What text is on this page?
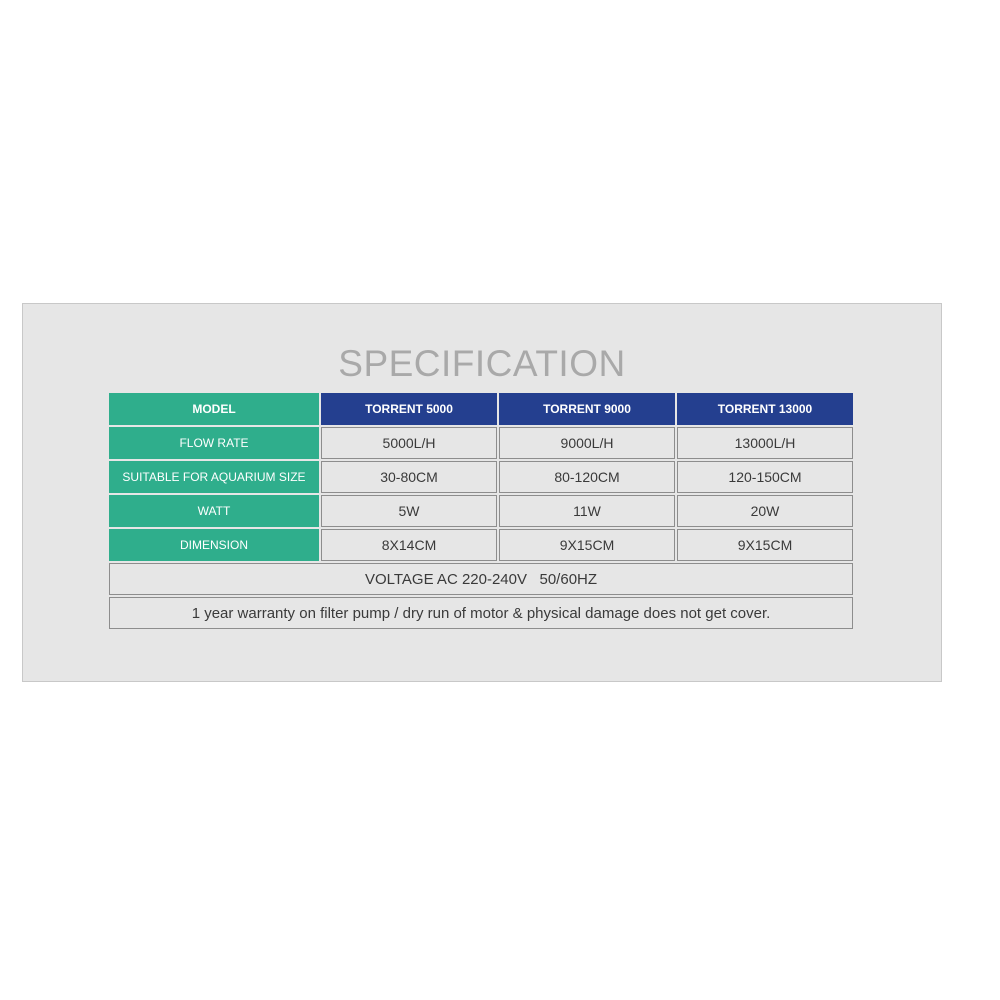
SPECIFICATION
MODEL	TORRENT 5000	TORRENT 9000	TORRENT 13000
FLOW RATE	5000L/H	9000L/H	13000L/H
SUITABLE FOR AQUARIUM SIZE	30-80CM	80-120CM	120-150CM
WATT	5W	11W	20W
DIMENSION	8X14CM	9X15CM	9X15CM
VOLTAGE AC 220-240V   50/60HZ
1 year warranty on filter pump / dry run of motor & physical damage does not get cover.
